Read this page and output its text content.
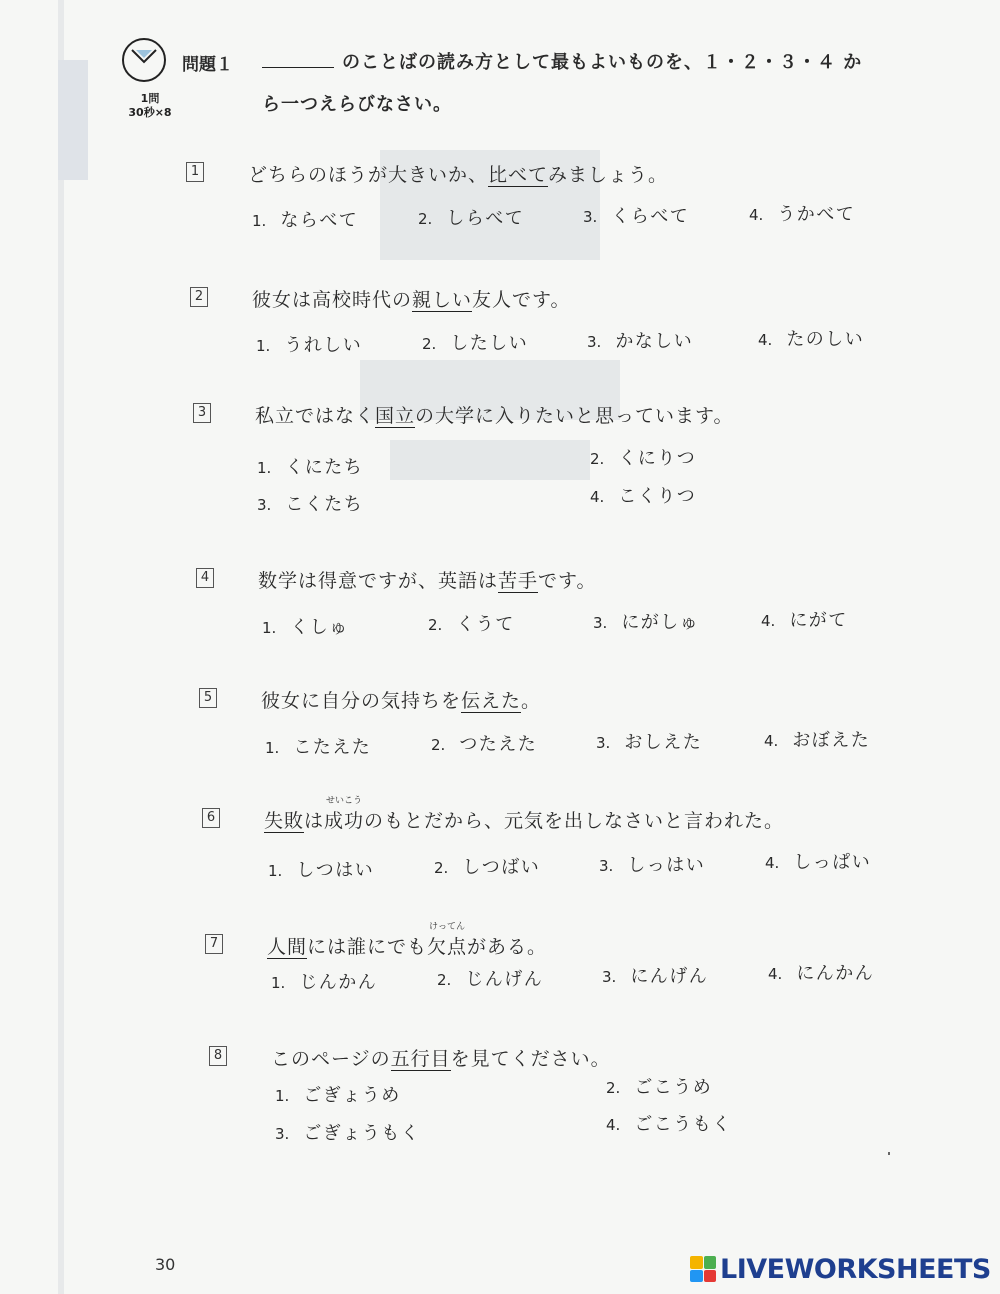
1問
30秒×8
問題１	のことばの読み方として最もよいものを、１・２・３・４ か
ら一つえらびなさい。
1	どちらのほうが大きいか、比べてみましょう。
1. ならべて	2. しらべて	3. くらべて	4. うかべて
2	彼女は高校時代の親しい友人です。
1. うれしい	2. したしい	3. かなしい	4. たのしい
3	私立ではなく国立の大学に入りたいと思っています。
1. くにたち	2. くにりつ
3. こくたち	4. こくりつ
4	数学は得意ですが、英語は苦手です。
1. くしゅ	2. くうて	3. にがしゅ	4. にがて
5	彼女に自分の気持ちを伝えた。
1. こたえた	2. つたえた	3. おしえた	4. おぼえた
6	失敗は
せいこう
成功のもとだから、元気を出しなさいと言われた。
1. しつはい	2. しつばい	3. しっはい	4. しっぱい
7	人間には誰にでも
けってん
欠点がある。
1. じんかん	2. じんげん	3. にんげん	4. にんかん
8	このページの五行目を見てください。
1. ごぎょうめ	2. ごこうめ
3. ごぎょうもく	4. ごこうもく
30	LIVEWORKSHEETS
